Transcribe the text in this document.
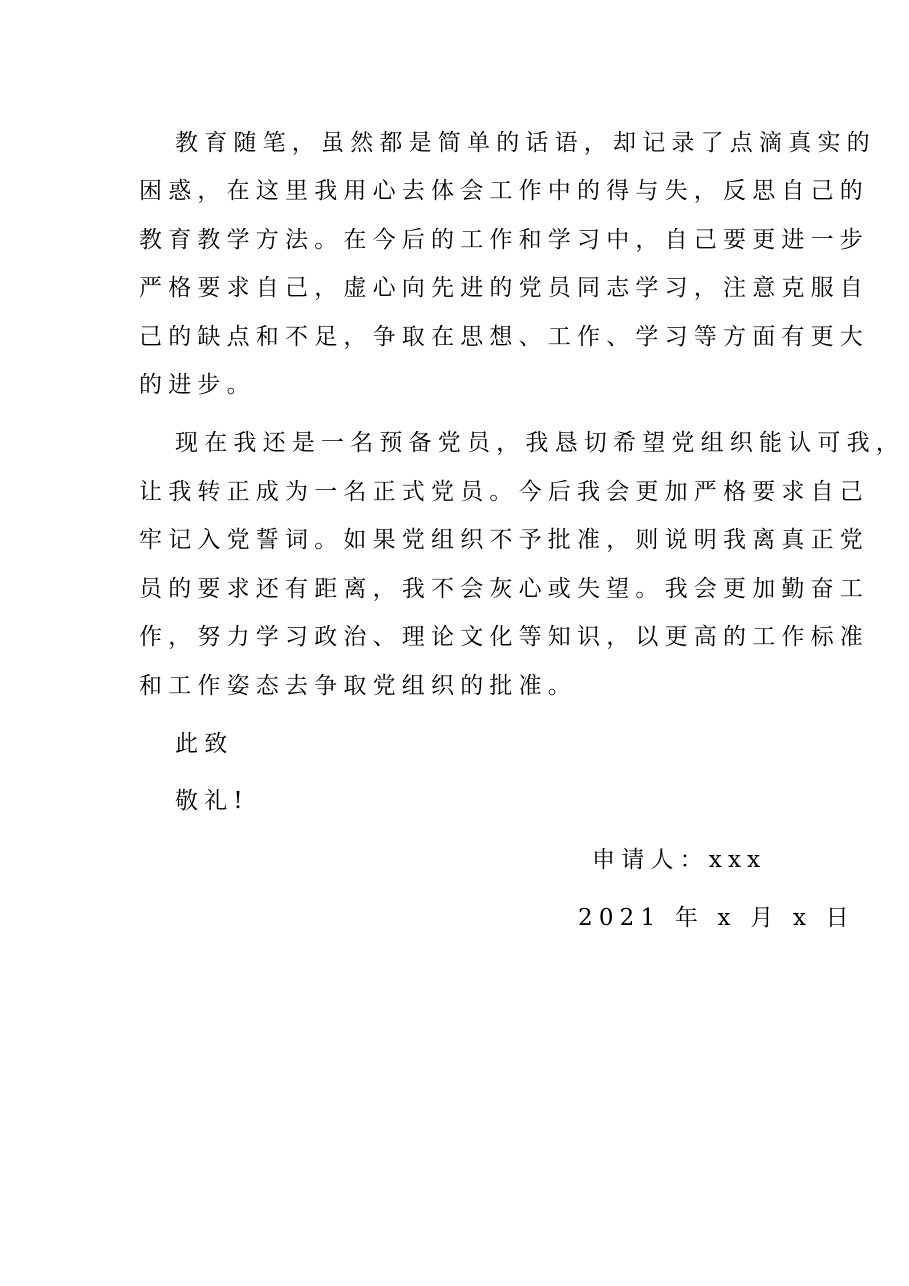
教育随笔，虽然都是简单的话语，却记录了点滴真实的
困惑，在这里我用心去体会工作中的得与失，反思自己的
教育教学方法。在今后的工作和学习中，自己要更进一步
严格要求自己，虚心向先进的党员同志学习，注意克服自
己的缺点和不足，争取在思想、工作、学习等方面有更大
的进步。
现在我还是一名预备党员，我恳切希望党组织能认可我，
让我转正成为一名正式党员。今后我会更加严格要求自己
牢记入党誓词。如果党组织不予批准，则说明我离真正党
员的要求还有距离，我不会灰心或失望。我会更加勤奋工
作，努力学习政治、理论文化等知识，以更高的工作标准
和工作姿态去争取党组织的批准。
此致
敬礼!
申请人：xxx
2021 年 x 月 x 日
